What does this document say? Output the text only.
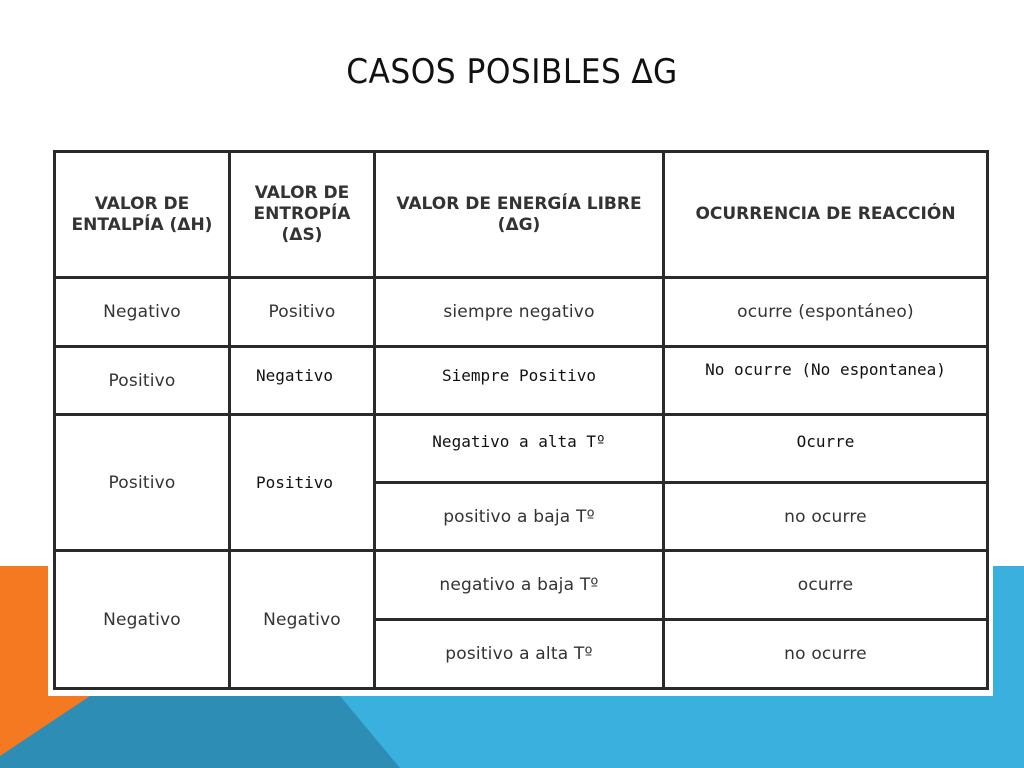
CASOS POSIBLES ∆G
VALOR DE ENTALPÍA (ΔH)	VALOR DE ENTROPÍA (ΔS)	VALOR DE ENERGÍA LIBRE (ΔG)	OCURRENCIA DE REACCIÓN
Negativo	Positivo	siempre negativo	ocurre (espontáneo)
Positivo	Negativo	Siempre Positivo	No ocurre (No espontanea)
Positivo	Positivo	Negativo a alta Tº	Ocurre
		positivo a baja Tº	no ocurre
Negativo	Negativo	negativo a baja Tº	ocurre
		positivo a alta Tº	no ocurre
